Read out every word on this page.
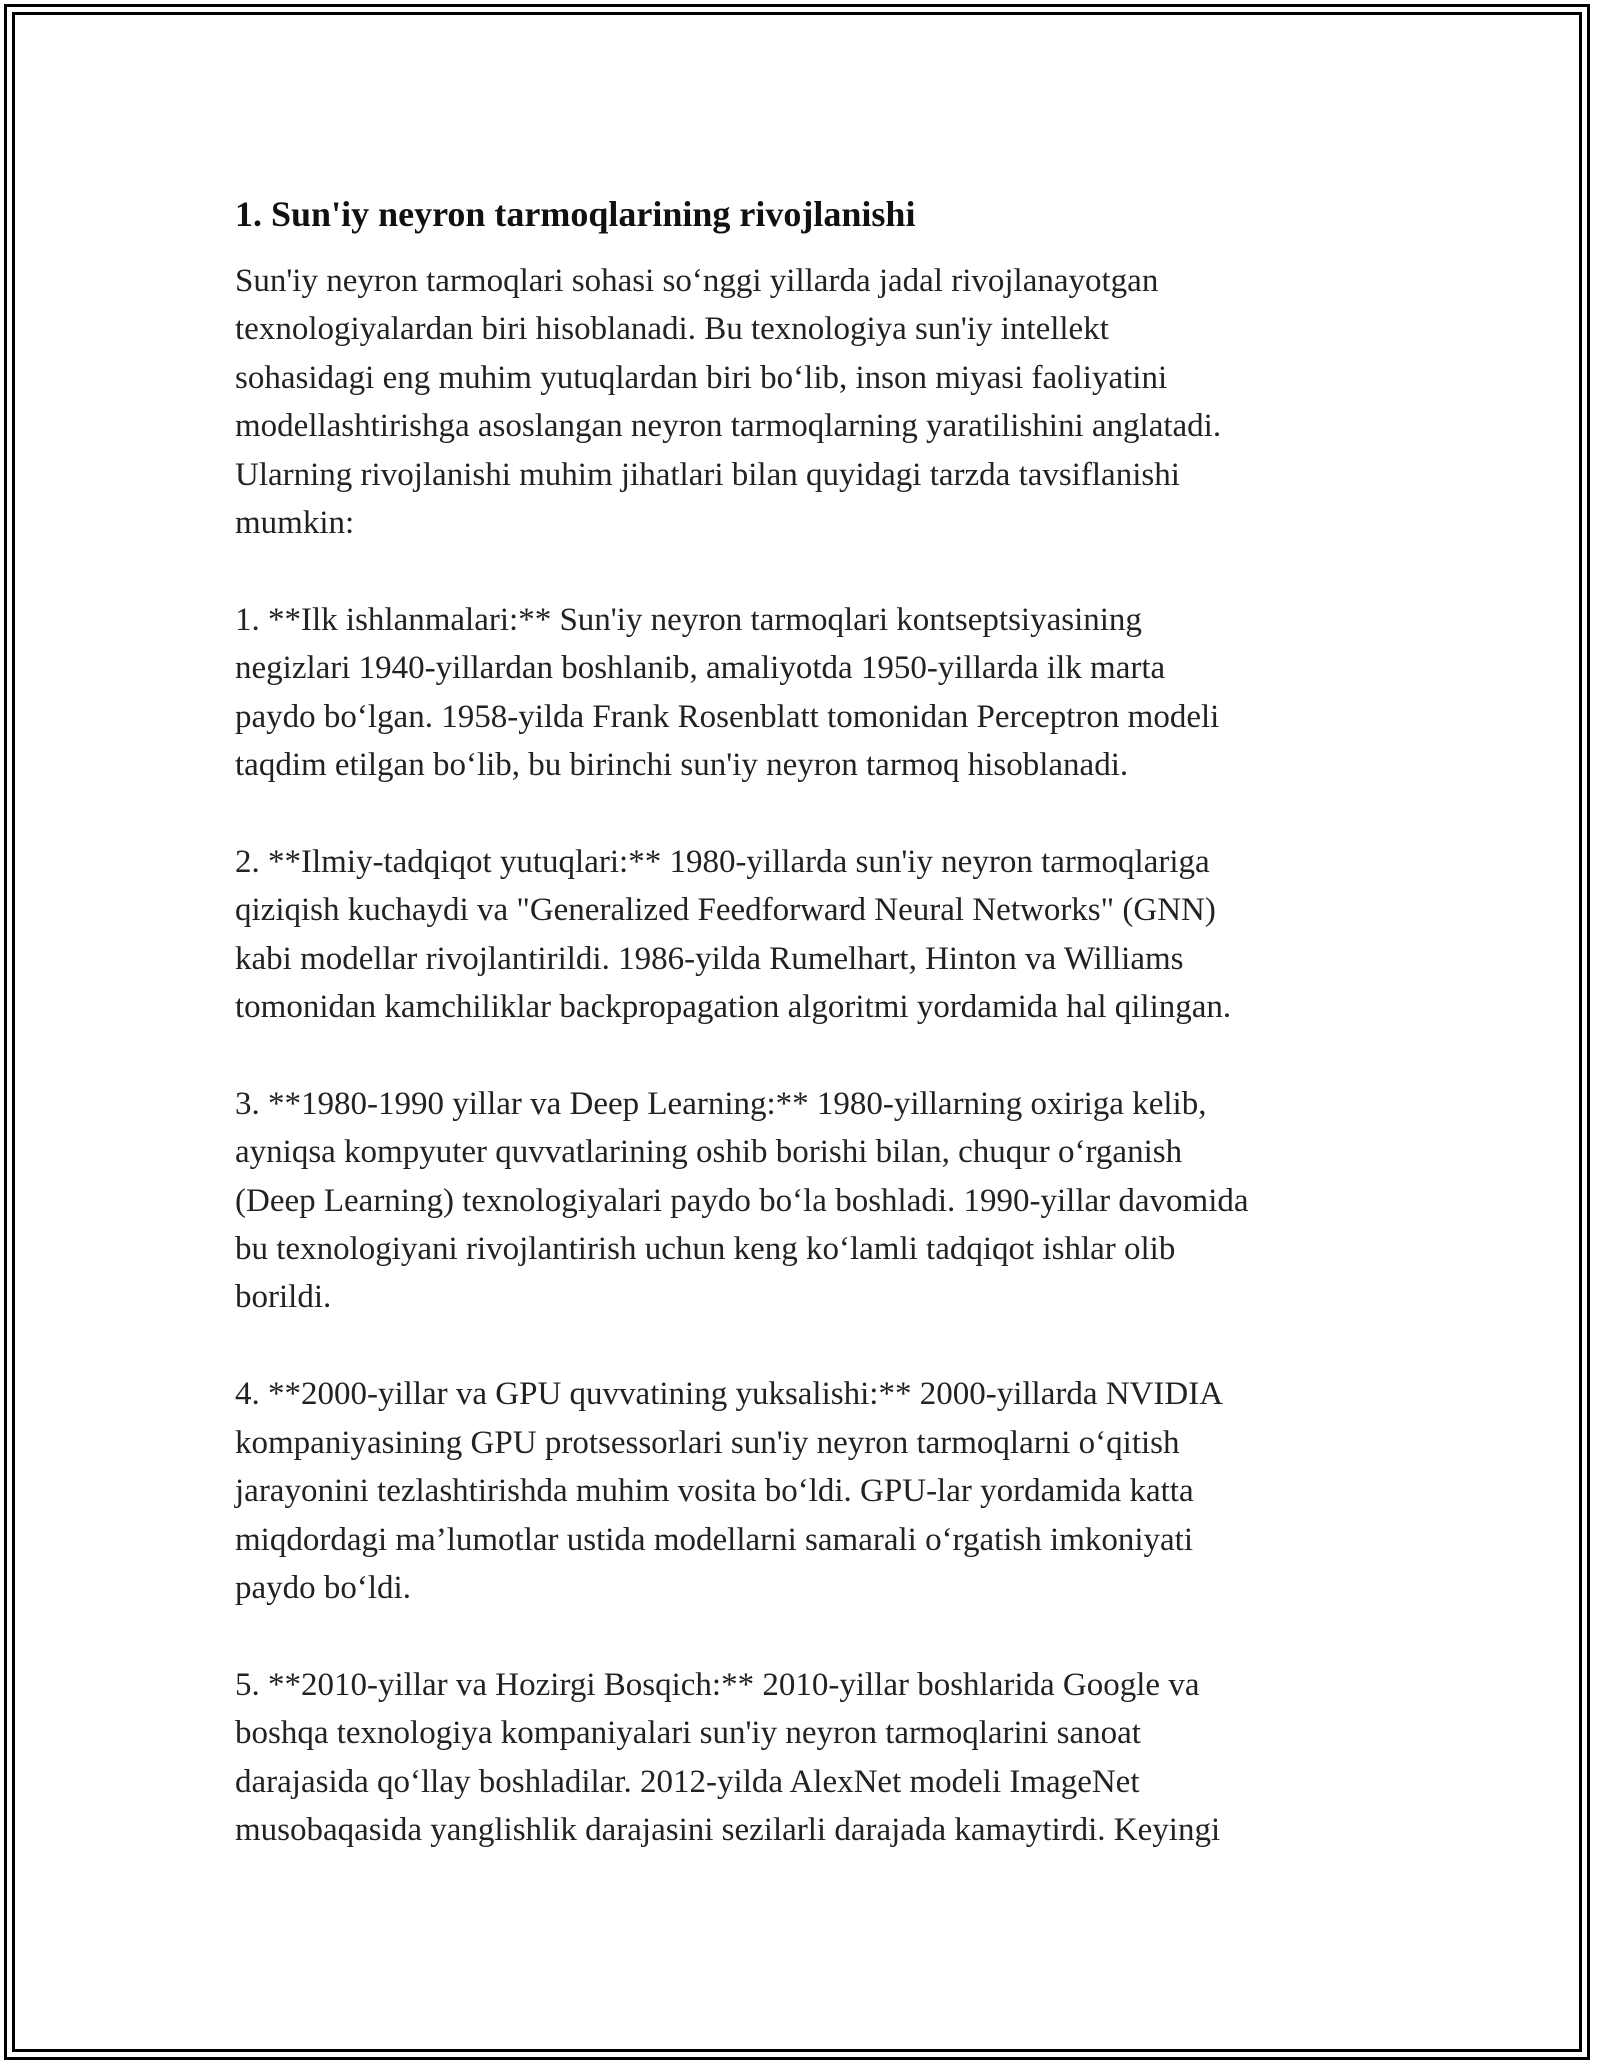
1. Sun'iy neyron tarmoqlarining rivojlanishi

Sun'iy neyron tarmoqlari sohasi so‘nggi yillarda jadal rivojlanayotgan
texnologiyalardan biri hisoblanadi. Bu texnologiya sun'iy intellekt
sohasidagi eng muhim yutuqlardan biri bo‘lib, inson miyasi faoliyatini
modellashtirishga asoslangan neyron tarmoqlarning yaratilishini anglatadi.
Ularning rivojlanishi muhim jihatlari bilan quyidagi tarzda tavsiflanishi
mumkin:

1. **Ilk ishlanmalari:** Sun'iy neyron tarmoqlari kontseptsiyasining
negizlari 1940-yillardan boshlanib, amaliyotda 1950-yillarda ilk marta
paydo bo‘lgan. 1958-yilda Frank Rosenblatt tomonidan Perceptron modeli
taqdim etilgan bo‘lib, bu birinchi sun'iy neyron tarmoq hisoblanadi.

2. **Ilmiy-tadqiqot yutuqlari:** 1980-yillarda sun'iy neyron tarmoqlariga
qiziqish kuchaydi va "Generalized Feedforward Neural Networks" (GNN)
kabi modellar rivojlantirildi. 1986-yilda Rumelhart, Hinton va Williams
tomonidan kamchiliklar backpropagation algoritmi yordamida hal qilingan.

3. **1980-1990 yillar va Deep Learning:** 1980-yillarning oxiriga kelib,
ayniqsa kompyuter quvvatlarining oshib borishi bilan, chuqur o‘rganish
(Deep Learning) texnologiyalari paydo bo‘la boshladi. 1990-yillar davomida
bu texnologiyani rivojlantirish uchun keng ko‘lamli tadqiqot ishlar olib
borildi.

4. **2000-yillar va GPU quvvatining yuksalishi:** 2000-yillarda NVIDIA
kompaniyasining GPU protsessorlari sun'iy neyron tarmoqlarni o‘qitish
jarayonini tezlashtirishda muhim vosita bo‘ldi. GPU-lar yordamida katta
miqdordagi ma’lumotlar ustida modellarni samarali o‘rgatish imkoniyati
paydo bo‘ldi.

5. **2010-yillar va Hozirgi Bosqich:** 2010-yillar boshlarida Google va
boshqa texnologiya kompaniyalari sun'iy neyron tarmoqlarini sanoat
darajasida qo‘llay boshladilar. 2012-yilda AlexNet modeli ImageNet
musobaqasida yanglishlik darajasini sezilarli darajada kamaytirdi. Keyingi
